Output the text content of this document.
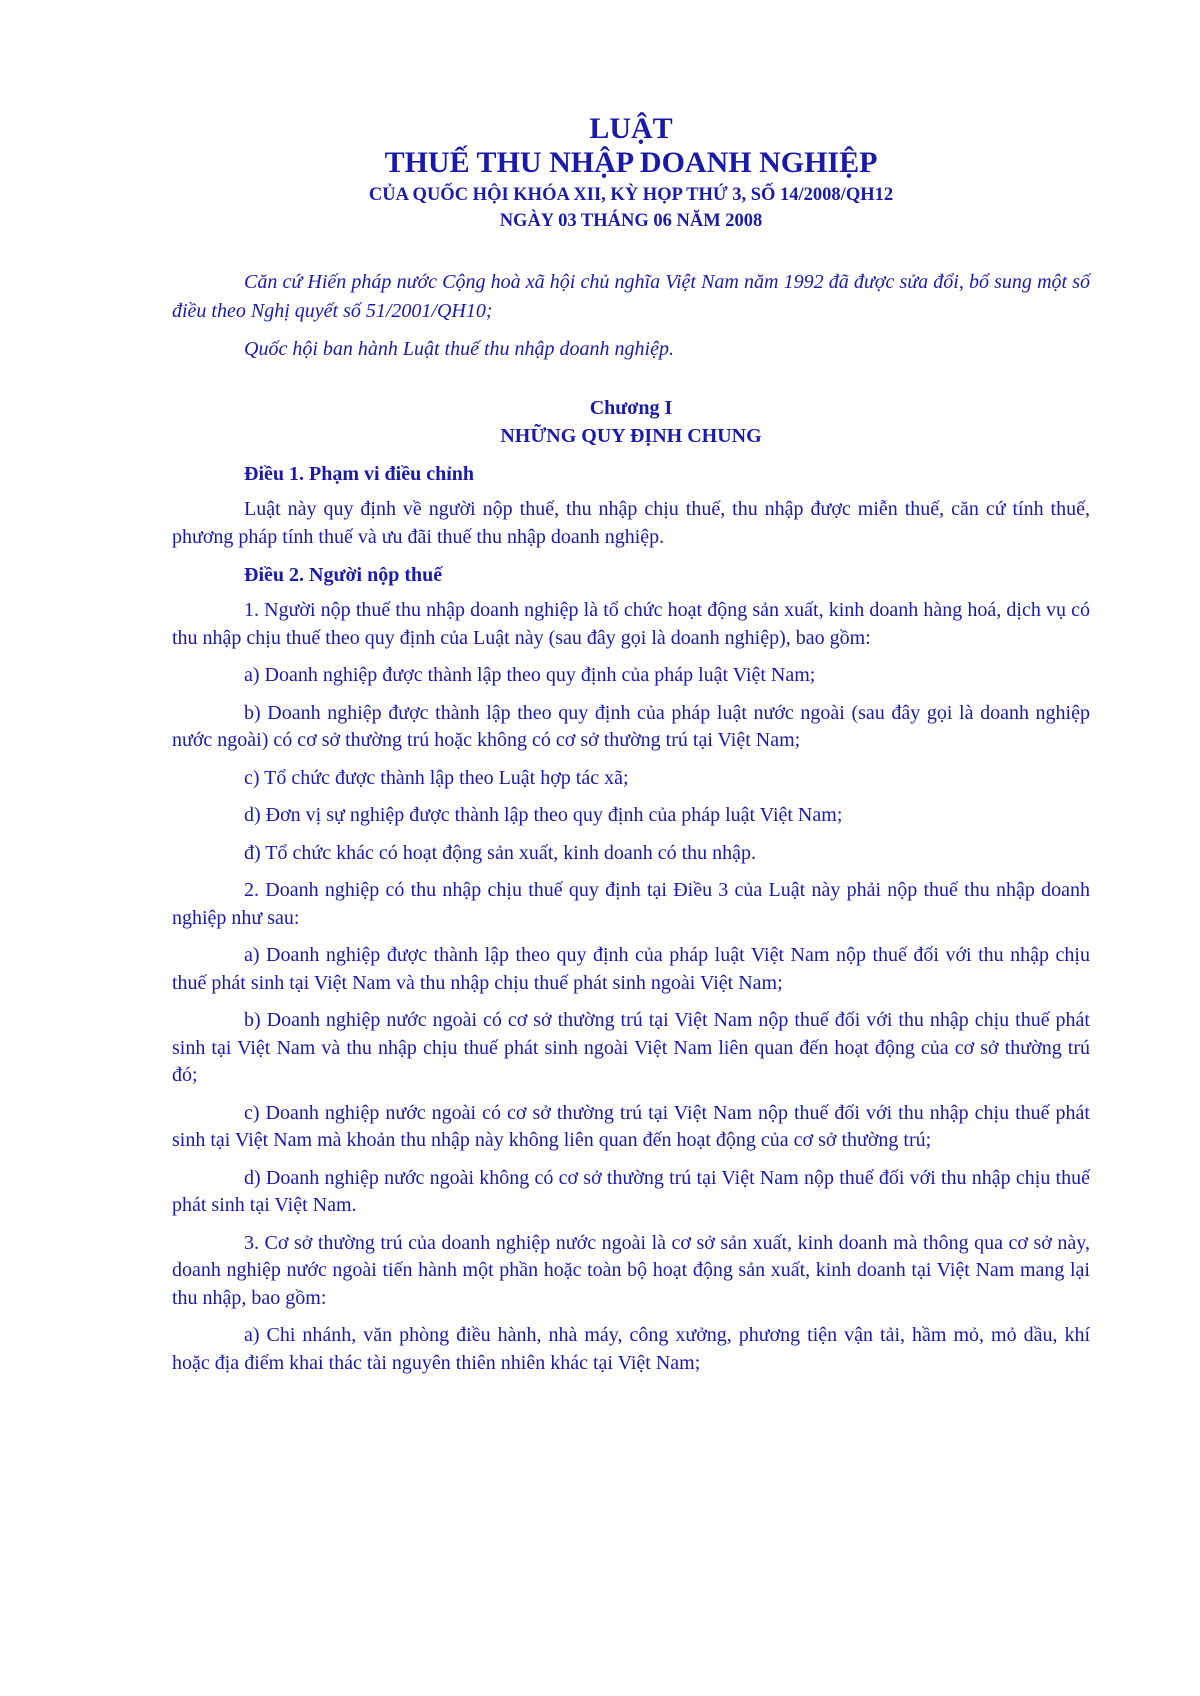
LUẬT
THUẾ THU NHẬP DOANH NGHIỆP
CỦA QUỐC HỘI KHÓA XII, KỲ HỌP THỨ 3, SỐ 14/2008/QH12
NGÀY 03 THÁNG 06 NĂM 2008

Căn cứ Hiến pháp nước Cộng hoà xã hội chủ nghĩa Việt Nam năm 1992 đã được sửa đổi, bổ sung một số điều theo Nghị quyết số 51/2001/QH10;

Quốc hội ban hành Luật thuế thu nhập doanh nghiệp.

Chương I
NHỮNG QUY ĐỊNH CHUNG
Điều 1. Phạm vi điều chỉnh

Luật này quy định về người nộp thuế, thu nhập chịu thuế, thu nhập được miễn thuế, căn cứ tính thuế, phương pháp tính thuế và ưu đãi thuế thu nhập doanh nghiệp.

Điều 2. Người nộp thuế

1. Người nộp thuế thu nhập doanh nghiệp là tổ chức hoạt động sản xuất, kinh doanh hàng hoá, dịch vụ có thu nhập chịu thuế theo quy định của Luật này (sau đây gọi là doanh nghiệp), bao gồm:

a) Doanh nghiệp được thành lập theo quy định của pháp luật Việt Nam;

b) Doanh nghiệp được thành lập theo quy định của pháp luật nước ngoài (sau đây gọi là doanh nghiệp nước ngoài) có cơ sở thường trú hoặc không có cơ sở thường trú tại Việt Nam;

c) Tổ chức được thành lập theo Luật hợp tác xã;

d) Đơn vị sự nghiệp được thành lập theo quy định của pháp luật Việt Nam;

đ) Tổ chức khác có hoạt động sản xuất, kinh doanh có thu nhập.

2. Doanh nghiệp có thu nhập chịu thuế quy định tại Điều 3 của Luật này phải nộp thuế thu nhập doanh nghiệp như sau:

a) Doanh nghiệp được thành lập theo quy định của pháp luật Việt Nam nộp thuế đối với thu nhập chịu thuế phát sinh tại Việt Nam và thu nhập chịu thuế phát sinh ngoài Việt Nam;

b) Doanh nghiệp nước ngoài có cơ sở thường trú tại Việt Nam nộp thuế đối với thu nhập chịu thuế phát sinh tại Việt Nam và thu nhập chịu thuế phát sinh ngoài Việt Nam liên quan đến hoạt động của cơ sở thường trú đó;

c) Doanh nghiệp nước ngoài có cơ sở thường trú tại Việt Nam nộp thuế đối với thu nhập chịu thuế phát sinh tại Việt Nam mà khoản thu nhập này không liên quan đến hoạt động của cơ sở thường trú;

d) Doanh nghiệp nước ngoài không có cơ sở thường trú tại Việt Nam nộp thuế đối với thu nhập chịu thuế phát sinh tại Việt Nam.

3. Cơ sở thường trú của doanh nghiệp nước ngoài là cơ sở sản xuất, kinh doanh mà thông qua cơ sở này, doanh nghiệp nước ngoài tiến hành một phần hoặc toàn bộ hoạt động sản xuất, kinh doanh tại Việt Nam mang lại thu nhập, bao gồm:

a) Chi nhánh, văn phòng điều hành, nhà máy, công xưởng, phương tiện vận tải, hầm mỏ, mỏ dầu, khí hoặc địa điểm khai thác tài nguyên thiên nhiên khác tại Việt Nam;
